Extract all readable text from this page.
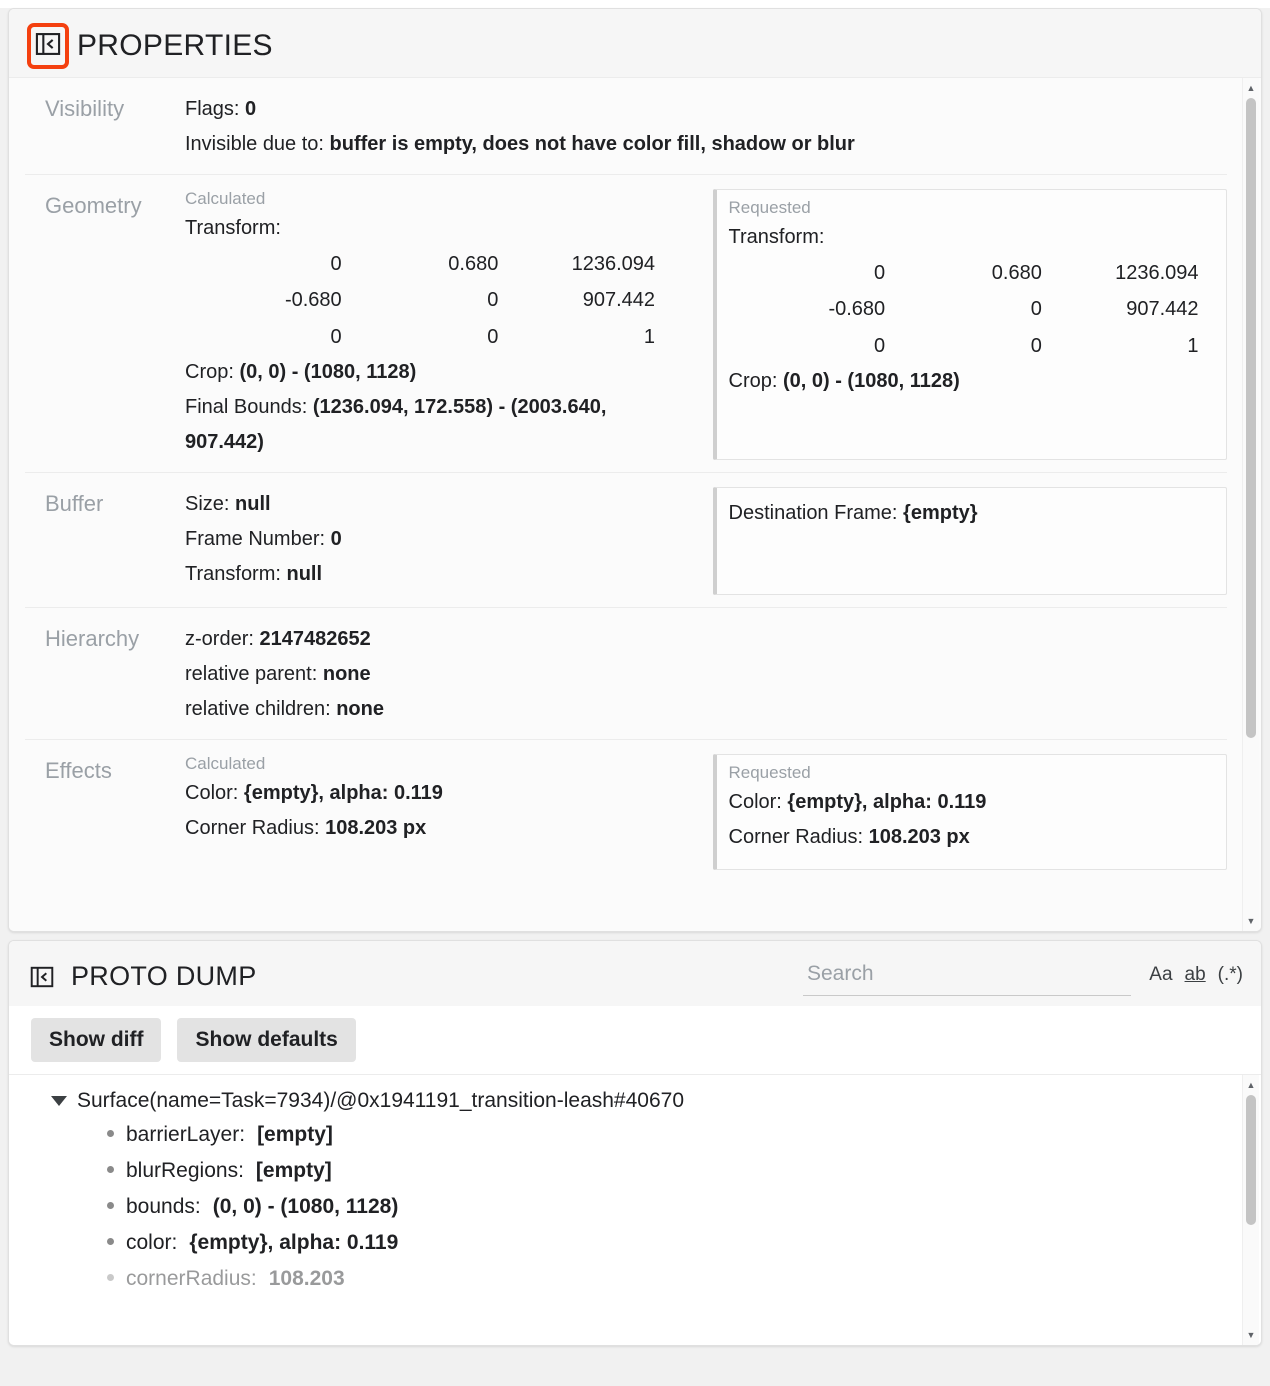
PROPERTIES
Visibility	Flags: 0
Invisible due to: buffer is empty, does not have color fill, shadow or blur
Geometry	Calculated
Transform:
0	0.680	1236.094
-0.680	0	907.442
0	0	1
Crop: (0, 0) - (1080, 1128)
Final Bounds: (1236.094, 172.558) - (2003.640, 907.442)
Requested
Transform:
0	0.680	1236.094
-0.680	0	907.442
0	0	1
Crop: (0, 0) - (1080, 1128)
Buffer	Size: null
Frame Number: 0
Transform: null
Destination Frame: {empty}
Hierarchy	z-order: 2147482652
relative parent: none
relative children: none
Effects	Calculated
Color: {empty}, alpha: 0.119
Corner Radius: 108.203 px
Requested
Color: {empty}, alpha: 0.119
Corner Radius: 108.203 px
▲
▼
PROTO DUMP
Search	Aa ab (.*)
Show diff	Show defaults
Surface(name=Task=7934)/@0x1941191_transition-leash#40670
barrierLayer: [empty]
blurRegions: [empty]
bounds: (0, 0) - (1080, 1128)
color: {empty}, alpha: 0.119
cornerRadius: 108.203
▲
▼
